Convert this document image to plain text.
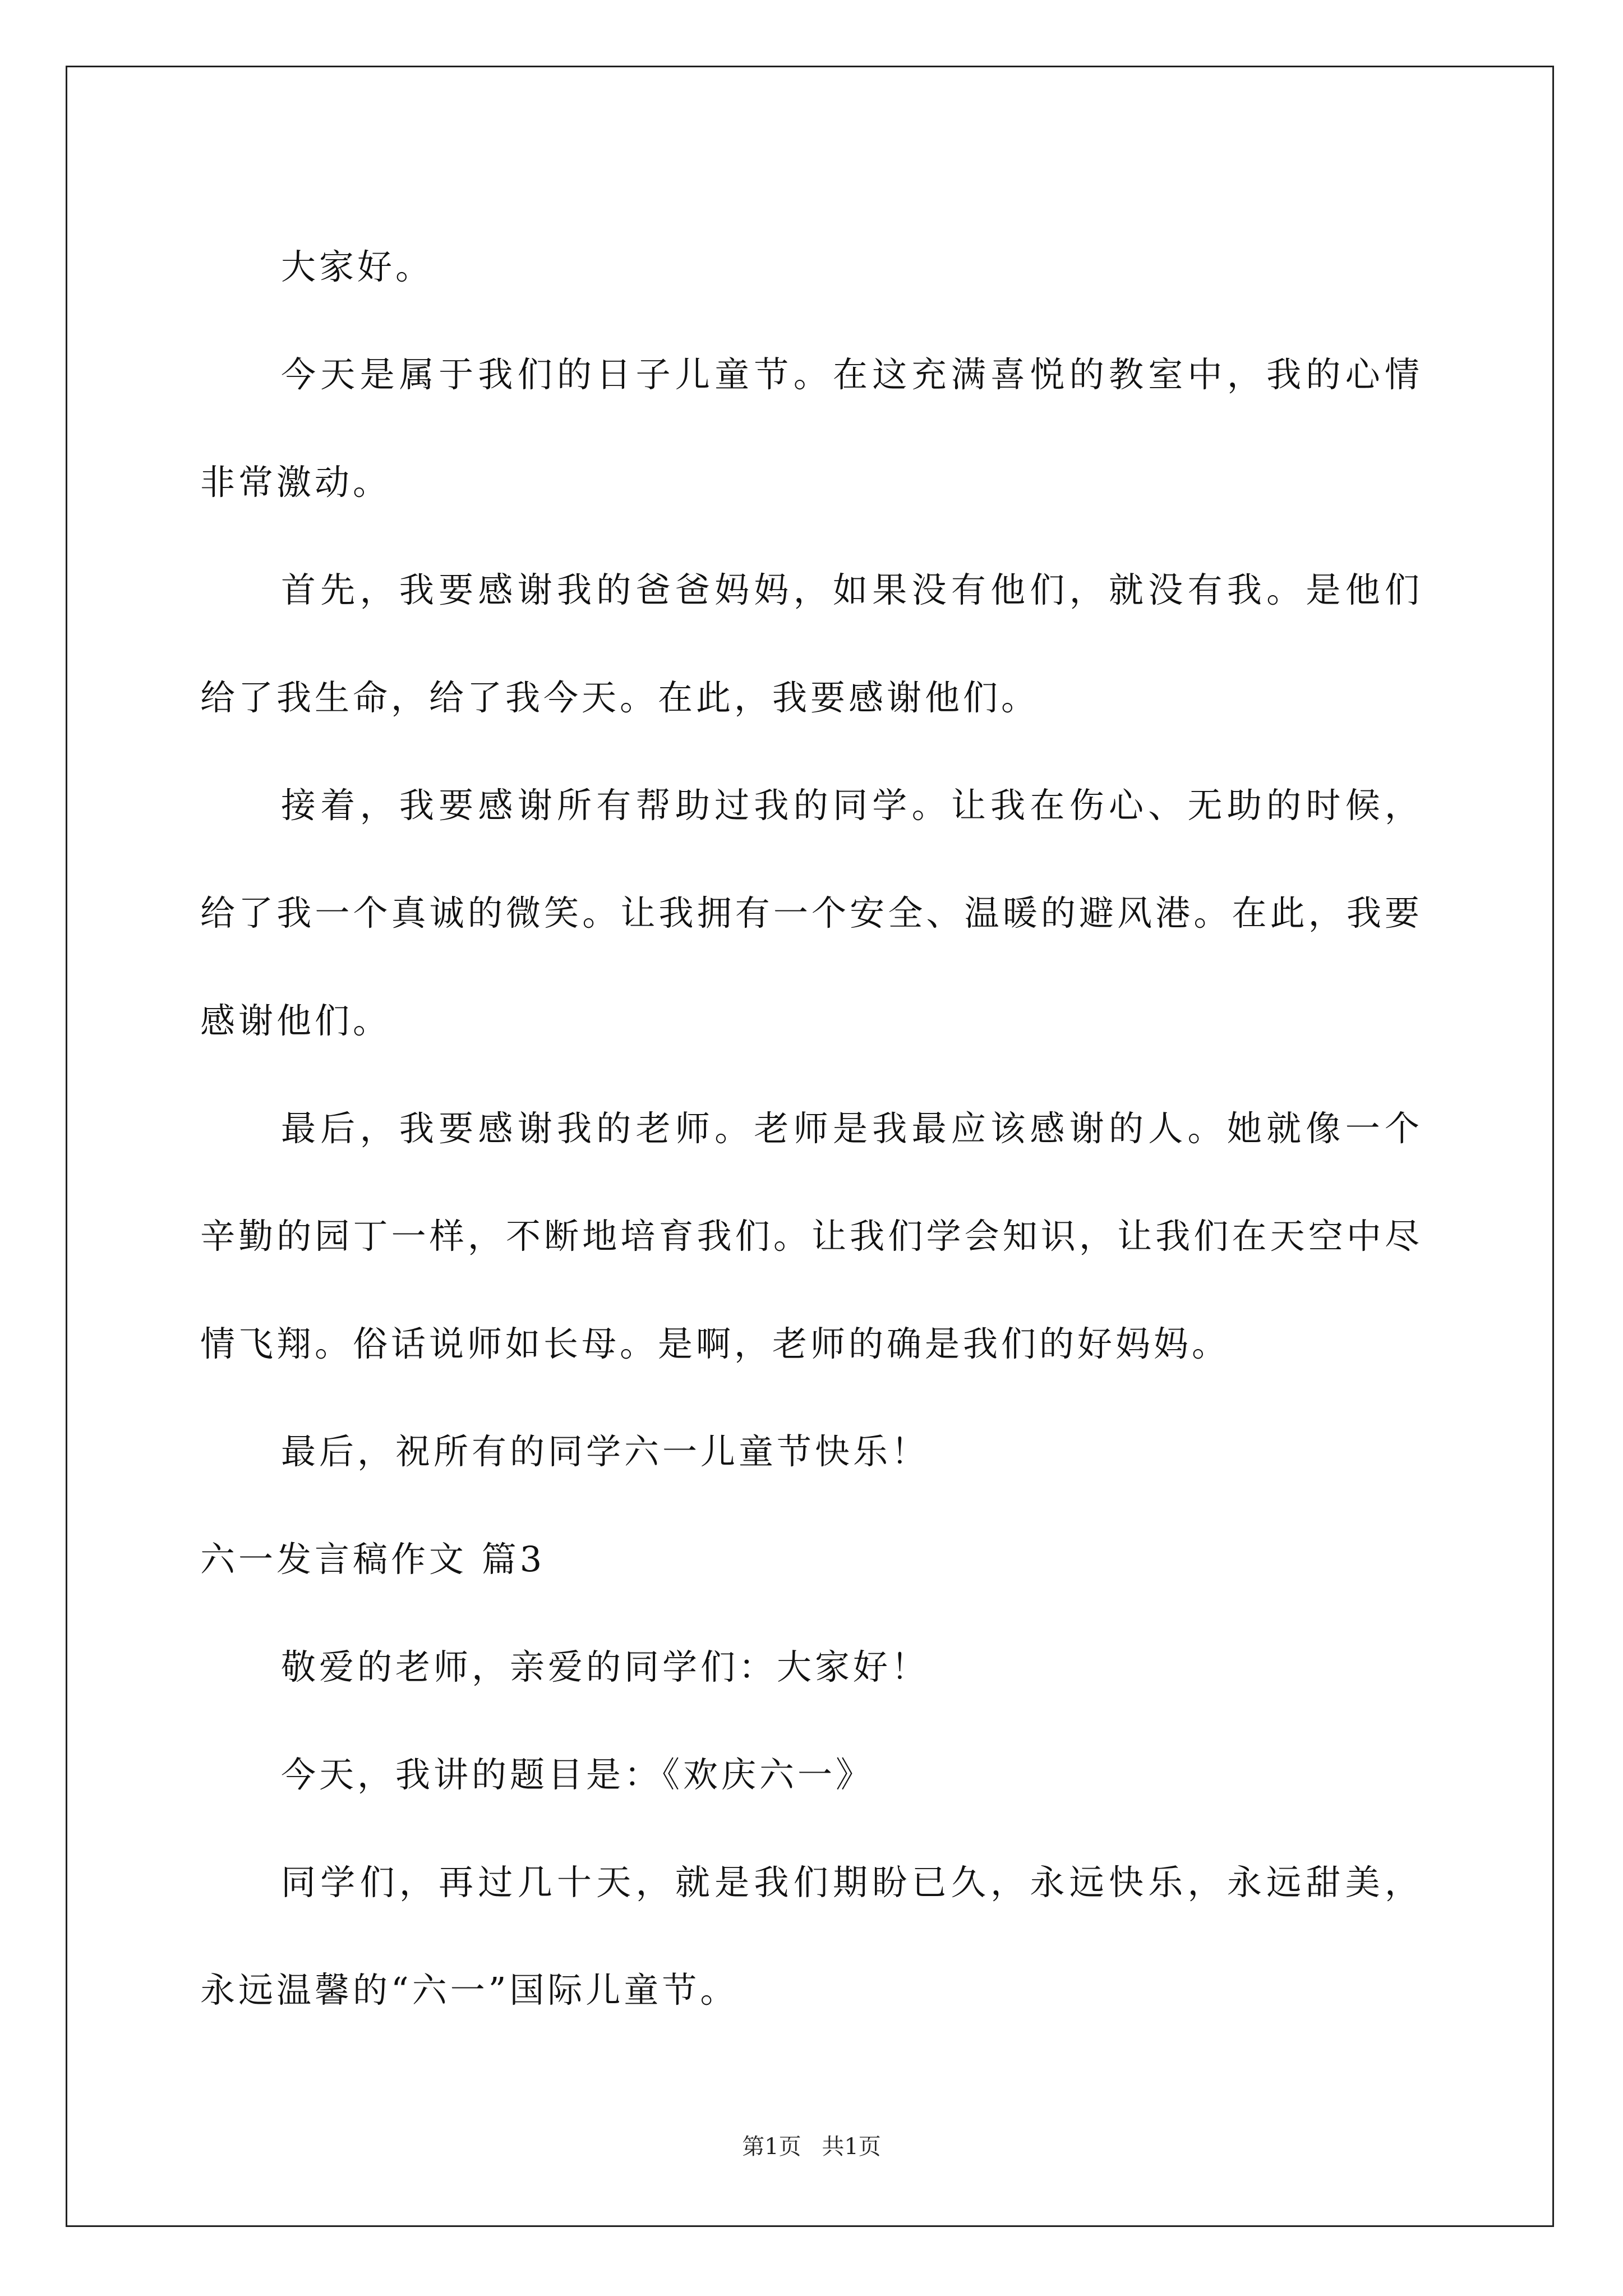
大家好。

今天是属于我们的日子儿童节。在这充满喜悦的教室中，我的心情非常激动。

首先，我要感谢我的爸爸妈妈，如果没有他们，就没有我。是他们给了我生命，给了我今天。在此，我要感谢他们。

接着，我要感谢所有帮助过我的同学。让我在伤心、无助的时候，给了我一个真诚的微笑。让我拥有一个安全、温暖的避风港。在此，我要感谢他们。

最后，我要感谢我的老师。老师是我最应该感谢的人。她就像一个辛勤的园丁一样，不断地培育我们。让我们学会知识，让我们在天空中尽情飞翔。俗话说师如长母。是啊，老师的确是我们的好妈妈。

最后，祝所有的同学六一儿童节快乐！

六一发言稿作文 篇3

敬爱的老师，亲爱的同学们：大家好！

今天，我讲的题目是：《欢庆六一》

同学们，再过几十天，就是我们期盼已久，永远快乐，永远甜美，永远温馨的“六一”国际儿童节。

第1页 共1页
